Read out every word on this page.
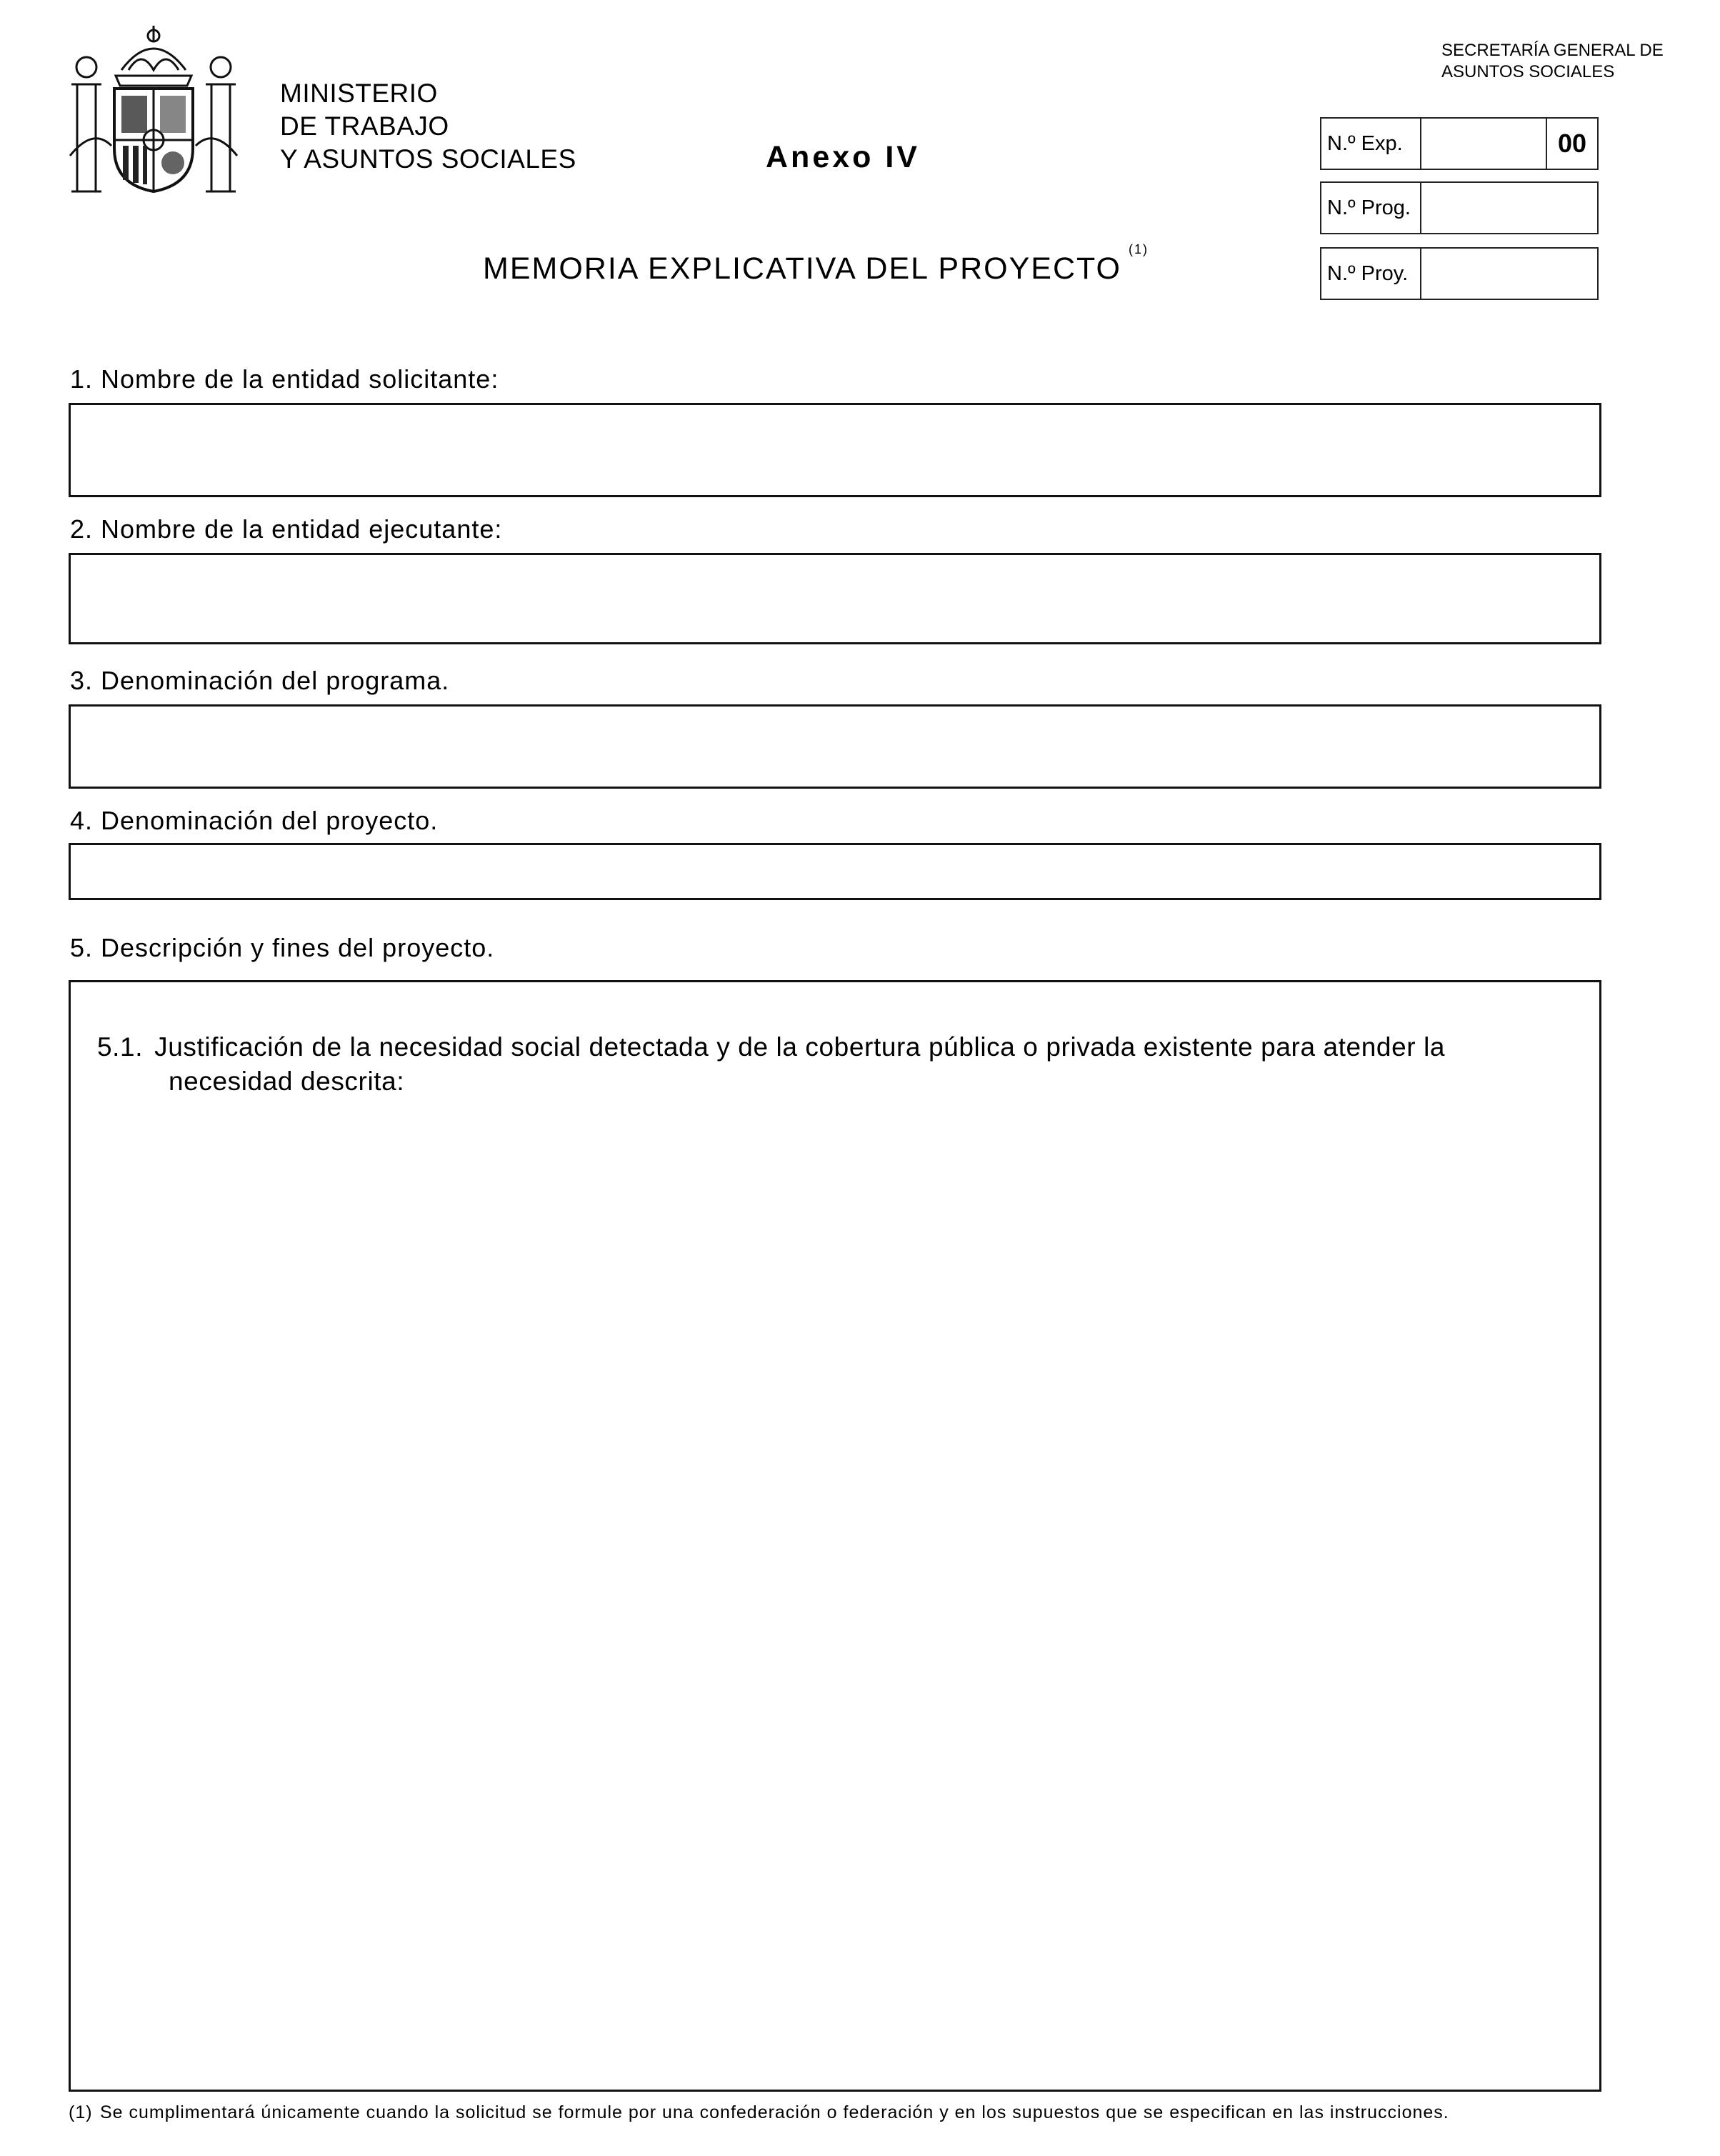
MINISTERIO
DE TRABAJO
Y ASUNTOS SOCIALES	Anexo IV
SECRETARÍA GENERAL DE
ASUNTOS SOCIALES
N.º Exp.	00
N.º Prog.
N.º Proy.
MEMORIA EXPLICATIVA DEL PROYECTO$^{(1)}$
1. Nombre de la entidad solicitante:
2. Nombre de la entidad ejecutante:
3. Denominación del programa.
4. Denominación del proyecto.
5. Descripción y fines del proyecto.
5.1. Justificación de la necesidad social detectada y de la cobertura pública o privada existente para atender la necesidad descrita:
(1) Se cumplimentará únicamente cuando la solicitud se formule por una confederación o federación y en los supuestos que se especifican en las instrucciones.
